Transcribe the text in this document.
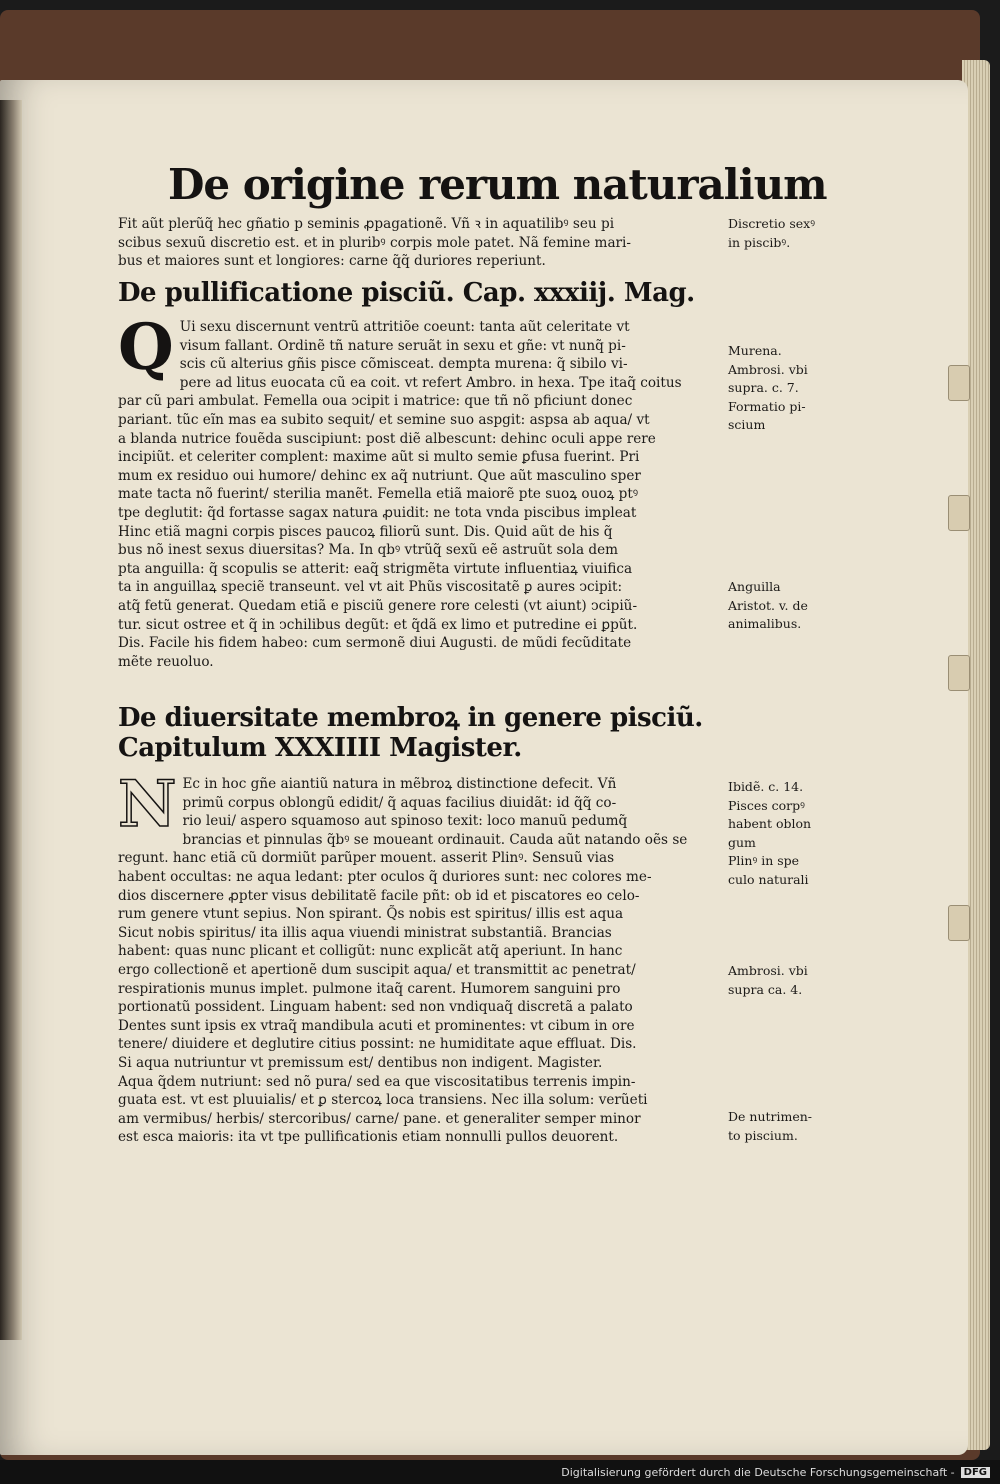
De origine rerum naturalium

Fit aũt plerũq̃ hec gñatio p seminis ꝓpagationẽ. Vñ ꝛ in aquatilibꝰ seu pi

scibus sexuũ discretio est. et in pluribꝰ corpis mole patet. Nã femine mari-

bus et maiores sunt et longiores: carne q̃q̃ duriores reperiunt.

De pullificatione pisciũ. Cap. xxxiij. Mag.
Q Ui sexu discernunt ventrũ attritiõe coeunt: tanta aũt celeritate vt

visum fallant. Ordinẽ tñ nature seruãt in sexu et gñe: vt nunq̃ pi-

scis cũ alterius gñis pisce cõmisceat. dempta murena: q̃ sibilo vi-

pere ad litus euocata cũ ea coit. vt refert Ambro. in hexa. Tpe itaq̃ coitus

par cũ pari ambulat. Femella oua ↄcipit i matrice: que tñ nõ pficiunt donec

pariant. tũc eĩn mas ea subito sequit/ et semine suo aspgit: aspsa ab aqua/ vt

a blanda nutrice fouẽda suscipiunt: post diẽ albescunt: dehinc oculi appe rere

incipiũt. et celeriter complent: maxime aũt si multo semie ꝑfusa fuerint. Pri

mum ex residuo oui humore/ dehinc ex aq̃ nutriunt. Que aũt masculino sper

mate tacta nõ fuerint/ sterilia manẽt. Femella etiã maiorẽ pte suoꝝ ouoꝝ ptꝰ

tpe deglutit: q̃d fortasse sagax natura ꝓuidit: ne tota vnda piscibus impleat

Hinc etiã magni corpis pisces paucoꝝ filiorũ sunt. Dis. Quid aũt de his q̃

bus nõ inest sexus diuersitas? Ma. In qbꝰ vtrũq̃ sexũ eẽ astruũt sola dem

pta anguilla: q̃ scopulis se atterit: eaq̃ strigmẽta virtute influentiaꝝ viuifica

ta in anguillaꝝ speciẽ transeunt. vel vt ait Phũs viscositatẽ ꝑ aures ↄcipit:

atq̃ fetũ generat. Quedam etiã e pisciũ genere rore celesti (vt aiunt) ↄcipiũ-

tur. sicut ostree et q̃ in ↄchilibus degũt: et q̃dã ex limo et putredine ei ꝑpũt.

Dis. Facile his fidem habeo: cum sermonẽ diui Augusti. de mũdi fecũditate

mẽte reuoluo.

De diuersitate membroꝝ in genere pisciũ.
Capitulum XXXIIII Magister.
N Ec in hoc gñe aiantiũ natura in mẽbroꝝ distinctione defecit. Vñ

primũ corpus oblongũ edidit/ q̃ aquas facilius diuidãt: id q̃q̃ co-

rio leui/ aspero squamoso aut spinoso texit: loco manuũ pedumq̃

brancias et pinnulas q̃bꝰ se moueant ordinauit. Cauda aũt natando oẽs se

regunt. hanc etiã cũ dormiũt parũper mouent. asserit Plinꝰ. Sensuũ vias

habent occultas: ne aqua ledant: pter oculos q̃ duriores sunt: nec colores me-

dios discernere ꝓpter visus debilitatẽ facile pñt: ob id et piscatores eo celo-

rum genere vtunt sepius. Non spirant. Q̃s nobis est spiritus/ illis est aqua

Sicut nobis spiritus/ ita illis aqua viuendi ministrat substantiã. Brancias

habent: quas nunc plicant et colligũt: nunc explicãt atq̃ aperiunt. In hanc

ergo collectionẽ et apertionẽ dum suscipit aqua/ et transmittit ac penetrat/

respirationis munus implet. pulmone itaq̃ carent. Humorem sanguini pro

portionatũ possident. Linguam habent: sed non vndiquaq̃ discretã a palato

Dentes sunt ipsis ex vtraq̃ mandibula acuti et prominentes: vt cibum in ore

tenere/ diuidere et deglutire citius possint: ne humiditate aque effluat. Dis.

Si aqua nutriuntur vt premissum est/ dentibus non indigent. Magister.

Aqua q̃dem nutriunt: sed nõ pura/ sed ea que viscositatibus terrenis impin-

guata est. vt est pluuialis/ et ꝑ stercoꝝ loca transiens. Nec illa solum: verũeti

am vermibus/ herbis/ stercoribus/ carne/ pane. et generaliter semper minor

est esca maioris: ita vt tpe pullificationis etiam nonnulli pullos deuorent.

Discretio sexꝰ

in piscibꝰ.

Murena.

Ambrosi. vbi

supra. c. 7.

Formatio pi-

scium

Anguilla

Aristot. v. de

animalibus.

Ibidẽ. c. 14.

Pisces corpꝰ

habent oblon

gum

Plinꝰ in spe

culo naturali

Ambrosi. vbi

supra ca. 4.

De nutrimen-

to piscium.

Digitalisierung gefördert durch die Deutsche Forschungsgemeinschaft - DFG
